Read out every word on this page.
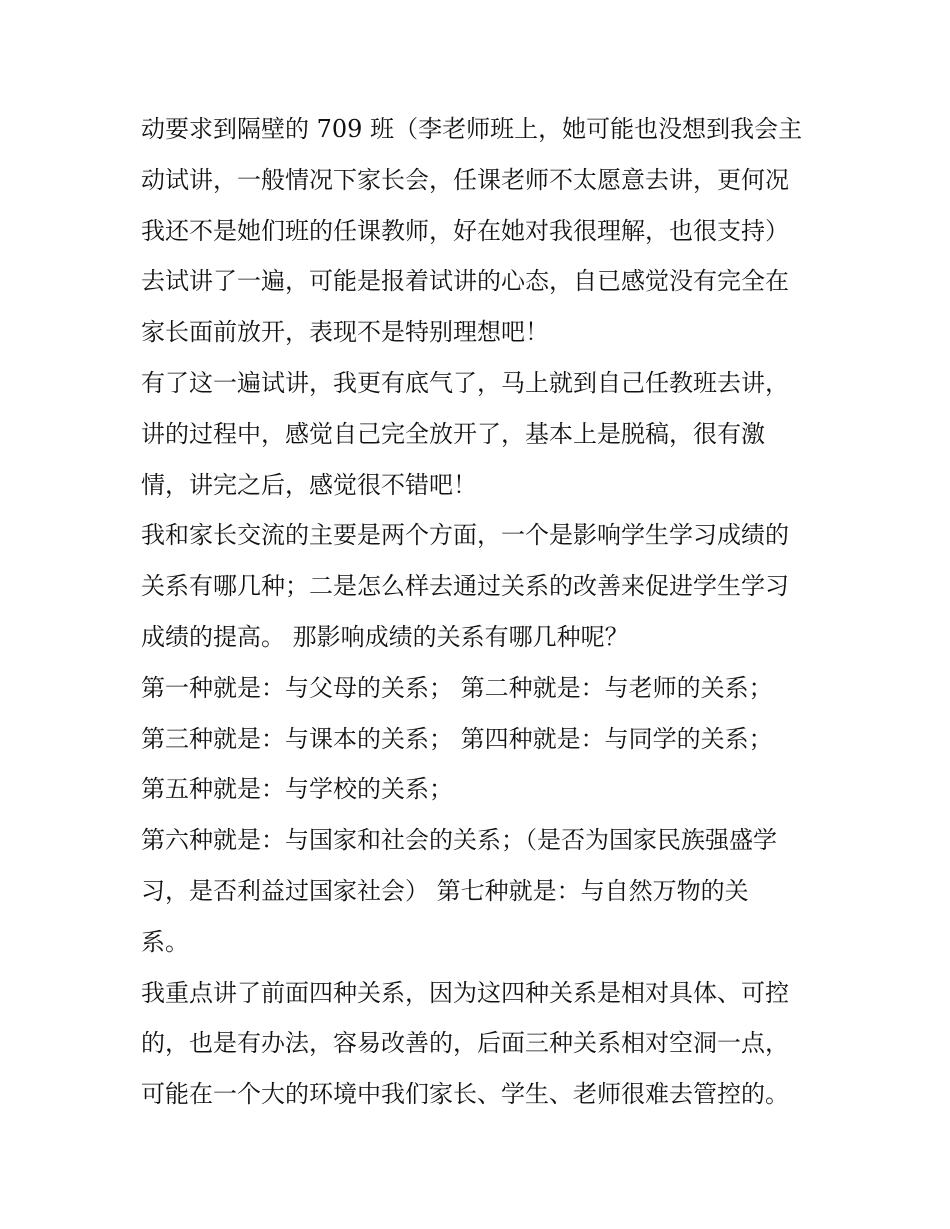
动要求到隔壁的 709 班（李老师班上，她可能也没想到我会主
动试讲，一般情况下家长会，任课老师不太愿意去讲，更何况
我还不是她们班的任课教师，好在她对我很理解，也很支持）
去试讲了一遍，可能是报着试讲的心态，自已感觉没有完全在
家长面前放开，表现不是特别理想吧！
有了这一遍试讲，我更有底气了，马上就到自己任教班去讲，
讲的过程中，感觉自己完全放开了，基本上是脱稿，很有激
情，讲完之后，感觉很不错吧！
我和家长交流的主要是两个方面，一个是影响学生学习成绩的
关系有哪几种；二是怎么样去通过关系的改善来促进学生学习
成绩的提高。 那影响成绩的关系有哪几种呢？
第一种就是：与父母的关系； 第二种就是：与老师的关系；
第三种就是：与课本的关系； 第四种就是：与同学的关系；
第五种就是：与学校的关系；
第六种就是：与国家和社会的关系；（是否为国家民族强盛学
习，是否利益过国家社会） 第七种就是：与自然万物的关
系。
我重点讲了前面四种关系，因为这四种关系是相对具体、可控
的，也是有办法，容易改善的，后面三种关系相对空洞一点，
可能在一个大的环境中我们家长、学生、老师很难去管控的。
